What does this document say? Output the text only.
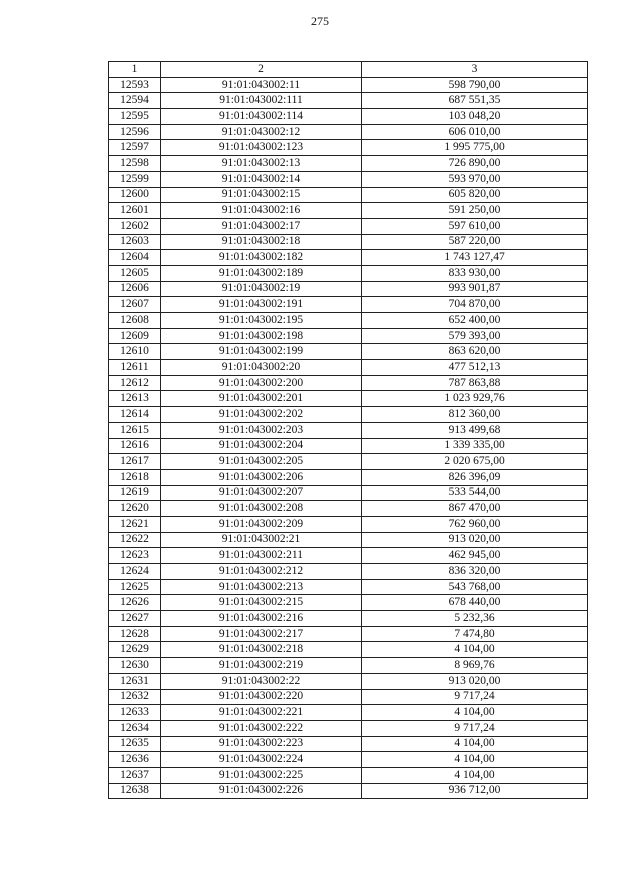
275
1	2	3
12593	91:01:043002:11	598 790,00
12594	91:01:043002:111	687 551,35
12595	91:01:043002:114	103 048,20
12596	91:01:043002:12	606 010,00
12597	91:01:043002:123	1 995 775,00
12598	91:01:043002:13	726 890,00
12599	91:01:043002:14	593 970,00
12600	91:01:043002:15	605 820,00
12601	91:01:043002:16	591 250,00
12602	91:01:043002:17	597 610,00
12603	91:01:043002:18	587 220,00
12604	91:01:043002:182	1 743 127,47
12605	91:01:043002:189	833 930,00
12606	91:01:043002:19	993 901,87
12607	91:01:043002:191	704 870,00
12608	91:01:043002:195	652 400,00
12609	91:01:043002:198	579 393,00
12610	91:01:043002:199	863 620,00
12611	91:01:043002:20	477 512,13
12612	91:01:043002:200	787 863,88
12613	91:01:043002:201	1 023 929,76
12614	91:01:043002:202	812 360,00
12615	91:01:043002:203	913 499,68
12616	91:01:043002:204	1 339 335,00
12617	91:01:043002:205	2 020 675,00
12618	91:01:043002:206	826 396,09
12619	91:01:043002:207	533 544,00
12620	91:01:043002:208	867 470,00
12621	91:01:043002:209	762 960,00
12622	91:01:043002:21	913 020,00
12623	91:01:043002:211	462 945,00
12624	91:01:043002:212	836 320,00
12625	91:01:043002:213	543 768,00
12626	91:01:043002:215	678 440,00
12627	91:01:043002:216	5 232,36
12628	91:01:043002:217	7 474,80
12629	91:01:043002:218	4 104,00
12630	91:01:043002:219	8 969,76
12631	91:01:043002:22	913 020,00
12632	91:01:043002:220	9 717,24
12633	91:01:043002:221	4 104,00
12634	91:01:043002:222	9 717,24
12635	91:01:043002:223	4 104,00
12636	91:01:043002:224	4 104,00
12637	91:01:043002:225	4 104,00
12638	91:01:043002:226	936 712,00
